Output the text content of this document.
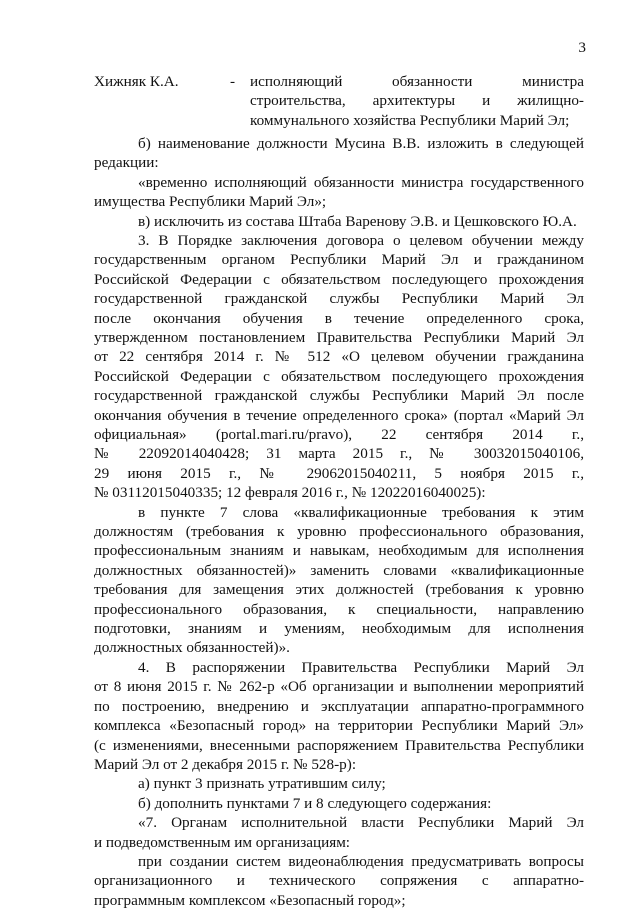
3
Хижняк К.А.	- исполняющий обязанности министра
строительства, архитектуры и жилищно-
коммунального хозяйства Республики Марий Эл;
б) наименование должности Мусина В.В. изложить в следующей
редакции:
«временно исполняющий обязанности министра государственного
имущества Республики Марий Эл»;
в) исключить из состава Штаба Варенову Э.В. и Цешковского Ю.А.
3. В Порядке заключения договора о целевом обучении между
государственным органом Республики Марий Эл и гражданином
Российской Федерации с обязательством последующего прохождения
государственной гражданской службы Республики Марий Эл
после окончания обучения в течение определенного срока,
утвержденном постановлением Правительства Республики Марий Эл
от 22 сентября 2014 г. № 512 «О целевом обучении гражданина
Российской Федерации с обязательством последующего прохождения
государственной гражданской службы Республики Марий Эл после
окончания обучения в течение определенного срока» (портал «Марий Эл
официальная» (portal.mari.ru/pravo), 22 сентября 2014 г.,
№ 22092014040428; 31 марта 2015 г., № 30032015040106,
29 июня 2015 г., № 29062015040211, 5 ноября 2015 г.,
№ 03112015040335; 12 февраля 2016 г., № 12022016040025):
в пункте 7 слова «квалификационные требования к этим
должностям (требования к уровню профессионального образования,
профессиональным знаниям и навыкам, необходимым для исполнения
должностных обязанностей)» заменить словами «квалификационные
требования для замещения этих должностей (требования к уровню
профессионального образования, к специальности, направлению
подготовки, знаниям и умениям, необходимым для исполнения
должностных обязанностей)».
4. В распоряжении Правительства Республики Марий Эл
от 8 июня 2015 г. № 262-р «Об организации и выполнении мероприятий
по построению, внедрению и эксплуатации аппаратно-программного
комплекса «Безопасный город» на территории Республики Марий Эл»
(с изменениями, внесенными распоряжением Правительства Республики
Марий Эл от 2 декабря 2015 г. № 528-р):
а) пункт 3 признать утратившим силу;
б) дополнить пунктами 7 и 8 следующего содержания:
«7. Органам исполнительной власти Республики Марий Эл
и подведомственным им организациям:
при создании систем видеонаблюдения предусматривать вопросы
организационного и технического сопряжения с аппаратно-
программным комплексом «Безопасный город»;
